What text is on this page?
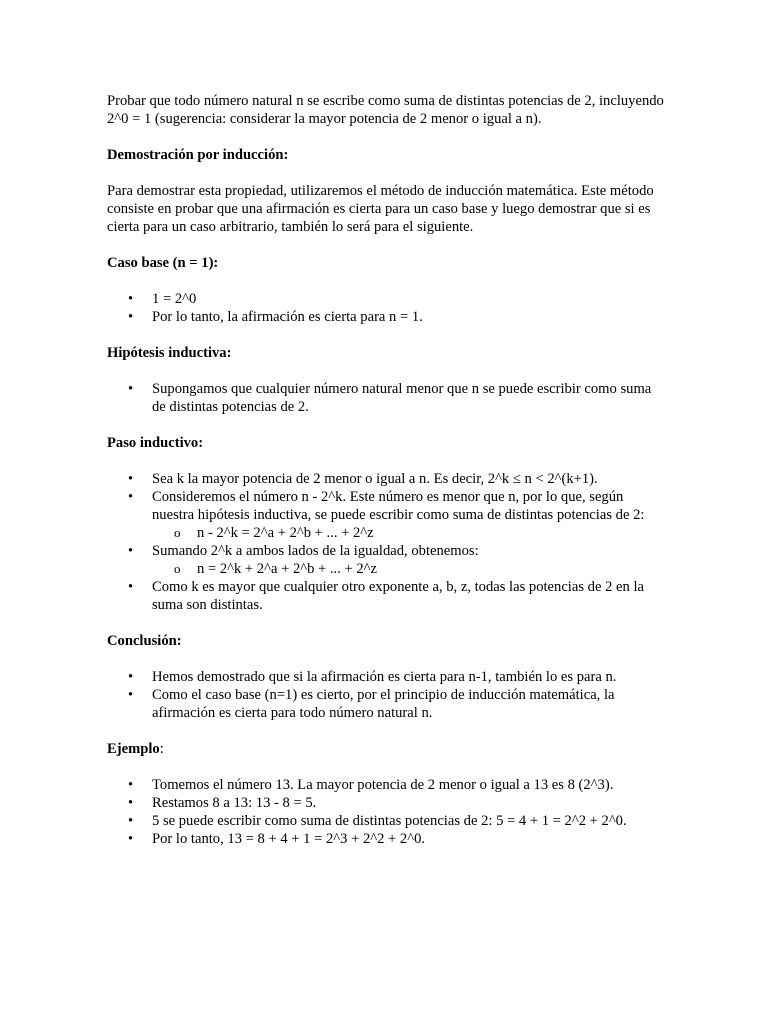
Probar que todo número natural n se escribe como suma de distintas potencias de 2, incluyendo 2^0 = 1 (sugerencia: considerar la mayor potencia de 2 menor o igual a n).

Demostración por inducción:

Para demostrar esta propiedad, utilizaremos el método de inducción matemática. Este método consiste en probar que una afirmación es cierta para un caso base y luego demostrar que si es cierta para un caso arbitrario, también lo será para el siguiente.

Caso base (n = 1):

• 1 = 2^0
• Por lo tanto, la afirmación es cierta para n = 1.

Hipótesis inductiva:

• Supongamos que cualquier número natural menor que n se puede escribir como suma de distintas potencias de 2.

Paso inductivo:

• Sea k la mayor potencia de 2 menor o igual a n. Es decir, 2^k ≤ n < 2^(k+1).
• Consideremos el número n - 2^k. Este número es menor que n, por lo que, según nuestra hipótesis inductiva, se puede escribir como suma de distintas potencias de 2:
o n - 2^k = 2^a + 2^b + ... + 2^z
• Sumando 2^k a ambos lados de la igualdad, obtenemos:
o n = 2^k + 2^a + 2^b + ... + 2^z
• Como k es mayor que cualquier otro exponente a, b, z, todas las potencias de 2 en la suma son distintas.

Conclusión:

• Hemos demostrado que si la afirmación es cierta para n-1, también lo es para n.
• Como el caso base (n=1) es cierto, por el principio de inducción matemática, la afirmación es cierta para todo número natural n.

Ejemplo:

• Tomemos el número 13. La mayor potencia de 2 menor o igual a 13 es 8 (2^3).
• Restamos 8 a 13: 13 - 8 = 5.
• 5 se puede escribir como suma de distintas potencias de 2: 5 = 4 + 1 = 2^2 + 2^0.
• Por lo tanto, 13 = 8 + 4 + 1 = 2^3 + 2^2 + 2^0.
